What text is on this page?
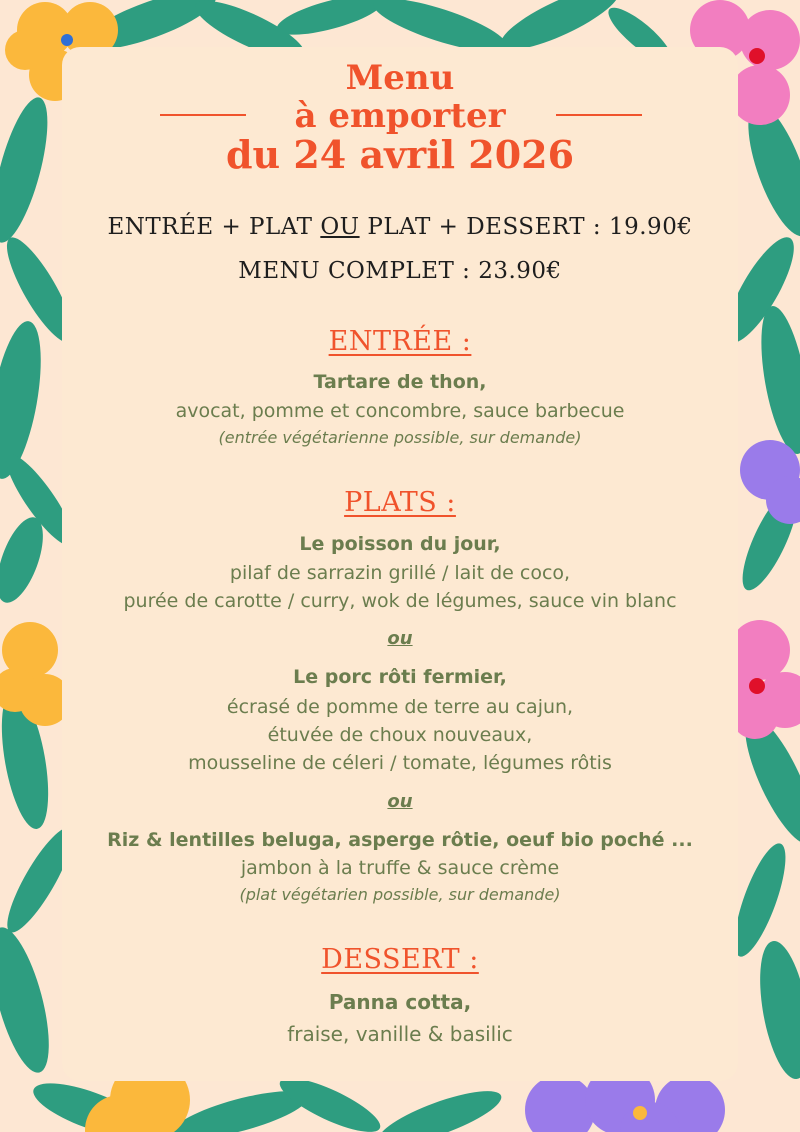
Menu
à emporter
du 24 avril 2026
ENTRÉE + PLAT OU PLAT + DESSERT : 19.90€
MENU COMPLET : 23.90€
ENTRÉE :
Tartare de thon,
avocat, pomme et concombre, sauce barbecue
(entrée végétarienne possible, sur demande)
PLATS :
Le poisson du jour,
pilaf de sarrazin grillé / lait de coco,
purée de carotte / curry, wok de légumes, sauce vin blanc
ou
Le porc rôti fermier,
écrasé de pomme de terre au cajun,
étuvée de choux nouveaux,
mousseline de céleri / tomate, légumes rôtis
ou
Riz & lentilles beluga, asperge rôtie, oeuf bio poché ...
jambon à la truffe & sauce crème
(plat végétarien possible, sur demande)
DESSERT :
Panna cotta,
fraise, vanille & basilic
